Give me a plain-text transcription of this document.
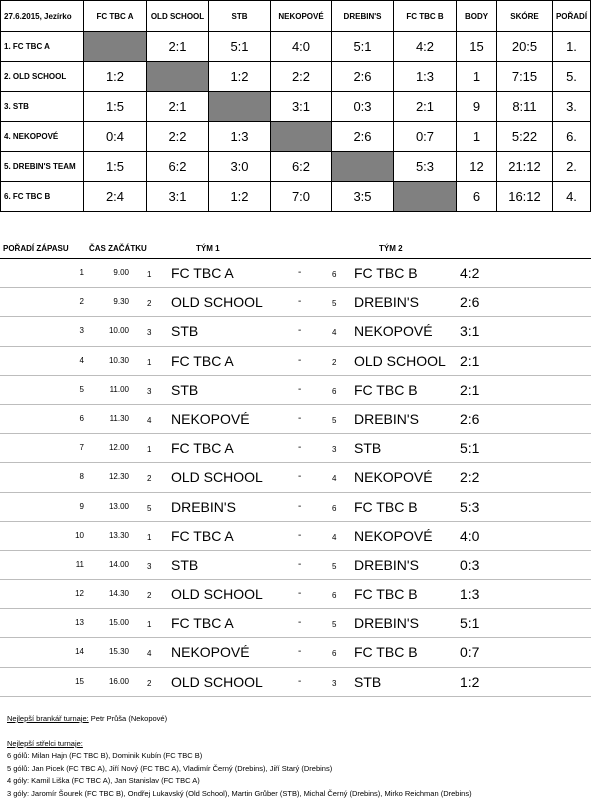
27.6.2015, Jezírko	FC TBC A	OLD SCHOOL	STB	NEKOPOVÉ	DREBIN'S	FC TBC B	BODY	SKÓRE	POŘADÍ
1. FC TBC A		2:1	5:1	4:0	5:1	4:2	15	20:5	1.
2. OLD SCHOOL	1:2		1:2	2:2	2:6	1:3	1	7:15	5.
3. STB	1:5	2:1		3:1	0:3	2:1	9	8:11	3.
4. NEKOPOVÉ	0:4	2:2	1:3		2:6	0:7	1	5:22	6.
5. DREBIN'S TEAM	1:5	6:2	3:0	6:2		5:3	12	21:12	2.
6. FC TBC B	2:4	3:1	1:2	7:0	3:5		6	16:12	4.
POŘADÍ ZÁPASU	ČAS ZAČÁTKU	TÝM 1	TÝM 2
1	9.00 1	FC TBC A	-	6	FC TBC B	4:2
2	9.30 2	OLD SCHOOL	-	5	DREBIN'S	2:6
3	10.00 3	STB	-	4	NEKOPOVÉ 3:1
4	10.30 1	FC TBC A	-	2	OLD SCHOOL 2:1
5	11.00 3	STB	-	6	FC TBC B	2:1
6	11.30 4	NEKOPOVÉ	-	5	DREBIN'S	2:6
7	12.00 1	FC TBC A	-	3	STB	5:1
8	12.30 2	OLD SCHOOL	-	4	NEKOPOVÉ 2:2
9	13.00 5	DREBIN'S	-	6	FC TBC B	5:3
10	13.30 1	FC TBC A	-	4	NEKOPOVÉ 4:0
11	14.00 3	STB	-	5	DREBIN'S	0:3
12	14.30 2	OLD SCHOOL	-	6	FC TBC B	1:3
13	15.00 1	FC TBC A	-	5	DREBIN'S	5:1
14	15.30 4	NEKOPOVÉ	-	6	FC TBC B	0:7
15	16.00 2	OLD SCHOOL	-	3	STB	1:2
Nejlepší brankář turnaje: Petr Průša (Nekopové)
Nejlepší střelci turnaje:
6 gólů: Milan Hajn (FC TBC B), Dominik Kubín (FC TBC B)
5 gólů: Jan Picek (FC TBC A), Jiří Nový (FC TBC A), Vladimír Černý (Drebins), Jiří Starý (Drebins)
4 góly: Kamil Liška (FC TBC A), Jan Stanislav (FC TBC A)
3 góly: Jaromír Šourek (FC TBC B), Ondřej Lukavský (Old School), Martin Grůber (STB), Michal Černý (Drebins), Mirko Reichman (Drebins)
